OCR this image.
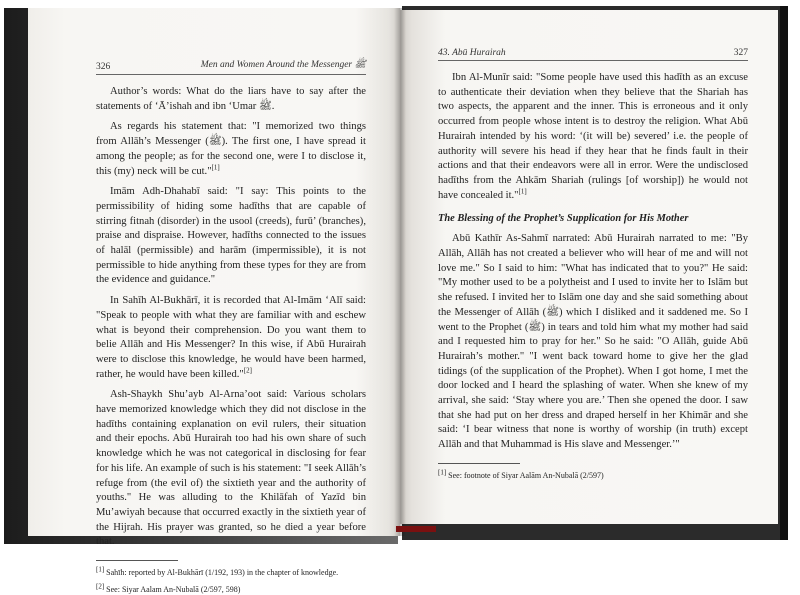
326	Men and Women Around the Messenger ﷺ

Author’s words: What do the liars have to say after the statements of ‘Ā’ishah and ibn ‘Umar ﷺ.

As regards his statement that: "I memorized two things from Allāh’s Messenger (ﷺ). The first one, I have spread it among the people; as for the second one, were I to disclose it, this (my) neck will be cut."[1]

Imām Adh-Dhahabī said: "I say: This points to the permissibility of hiding some hadīths that are capable of stirring fitnah (disorder) in the usool (creeds), furū’ (branches), praise and dispraise. However, hadīths connected to the issues of halāl (permissible) and harām (impermissible), it is not permissible to hide anything from these types for they are from the evidence and guidance."

In Sahīh Al-Bukhārī, it is recorded that Al-Imām ‘Alī said: "Speak to people with what they are familiar with and eschew what is beyond their comprehension. Do you want them to belie Allāh and His Messenger? In this wise, if Abū Hurairah were to disclose this knowledge, he would have been harmed, rather, he would have been killed."[2]

Ash-Shaykh Shu’ayb Al-Arna’oot said: Various scholars have memorized knowledge which they did not disclose in the hadīths containing explanation on evil rulers, their situation and their epochs. Abū Hurairah too had his own share of such knowledge which he was not categorical in disclosing for fear for his life. An example of such is his statement: "I seek Allāh’s refuge from (the evil of) the sixtieth year and the authority of youths." He was alluding to the Khilāfah of Yazīd bin Mu’awiyah because that occurred exactly in the sixtieth year of the Hijrah. His prayer was granted, so he died a year before that.

[1] Sahīh: reported by Al-Bukhārī (1/192, 193) in the chapter of knowledge.

[2] See: Siyar Aalam An-Nubalā (2/597, 598)

43. Abū Hurairah	327

Ibn Al-Munīr said: "Some people have used this hadīth as an excuse to authenticate their deviation when they believe that the Shariah has two aspects, the apparent and the inner. This is erroneous and it only occurred from people whose intent is to destroy the religion. What Abū Hurairah intended by his word: ‘(it will be) severed’ i.e. the people of authority will severe his head if they hear that he finds fault in their actions and that their endeavors were all in error. Were the undisclosed hadīths from the Ahkām Shariah (rulings [of worship]) he would not have concealed it."[1]

The Blessing of the Prophet’s Supplication for His Mother

Abū Kathīr As-Sahmī narrated: Abū Hurairah narrated to me: "By Allāh, Allāh has not created a believer who will hear of me and will not love me." So I said to him: "What has indicated that to you?" He said: "My mother used to be a polytheist and I used to invite her to Islām but she refused. I invited her to Islām one day and she said something about the Messenger of Allāh (ﷺ) which I disliked and it saddened me. So I went to the Prophet (ﷺ) in tears and told him what my mother had said and I requested him to pray for her." So he said: "O Allāh, guide Abū Hurairah’s mother." "I went back toward home to give her the glad tidings (of the supplication of the Prophet). When I got home, I met the door locked and I heard the splashing of water. When she knew of my arrival, she said: ‘Stay where you are.’ Then she opened the door. I saw that she had put on her dress and draped herself in her Khimār and she said: ‘I bear witness that none is worthy of worship (in truth) except Allāh and that Muhammad is His slave and Messenger.’"

[1] See: footnote of Siyar Aalām An-Nubalā (2/597)
